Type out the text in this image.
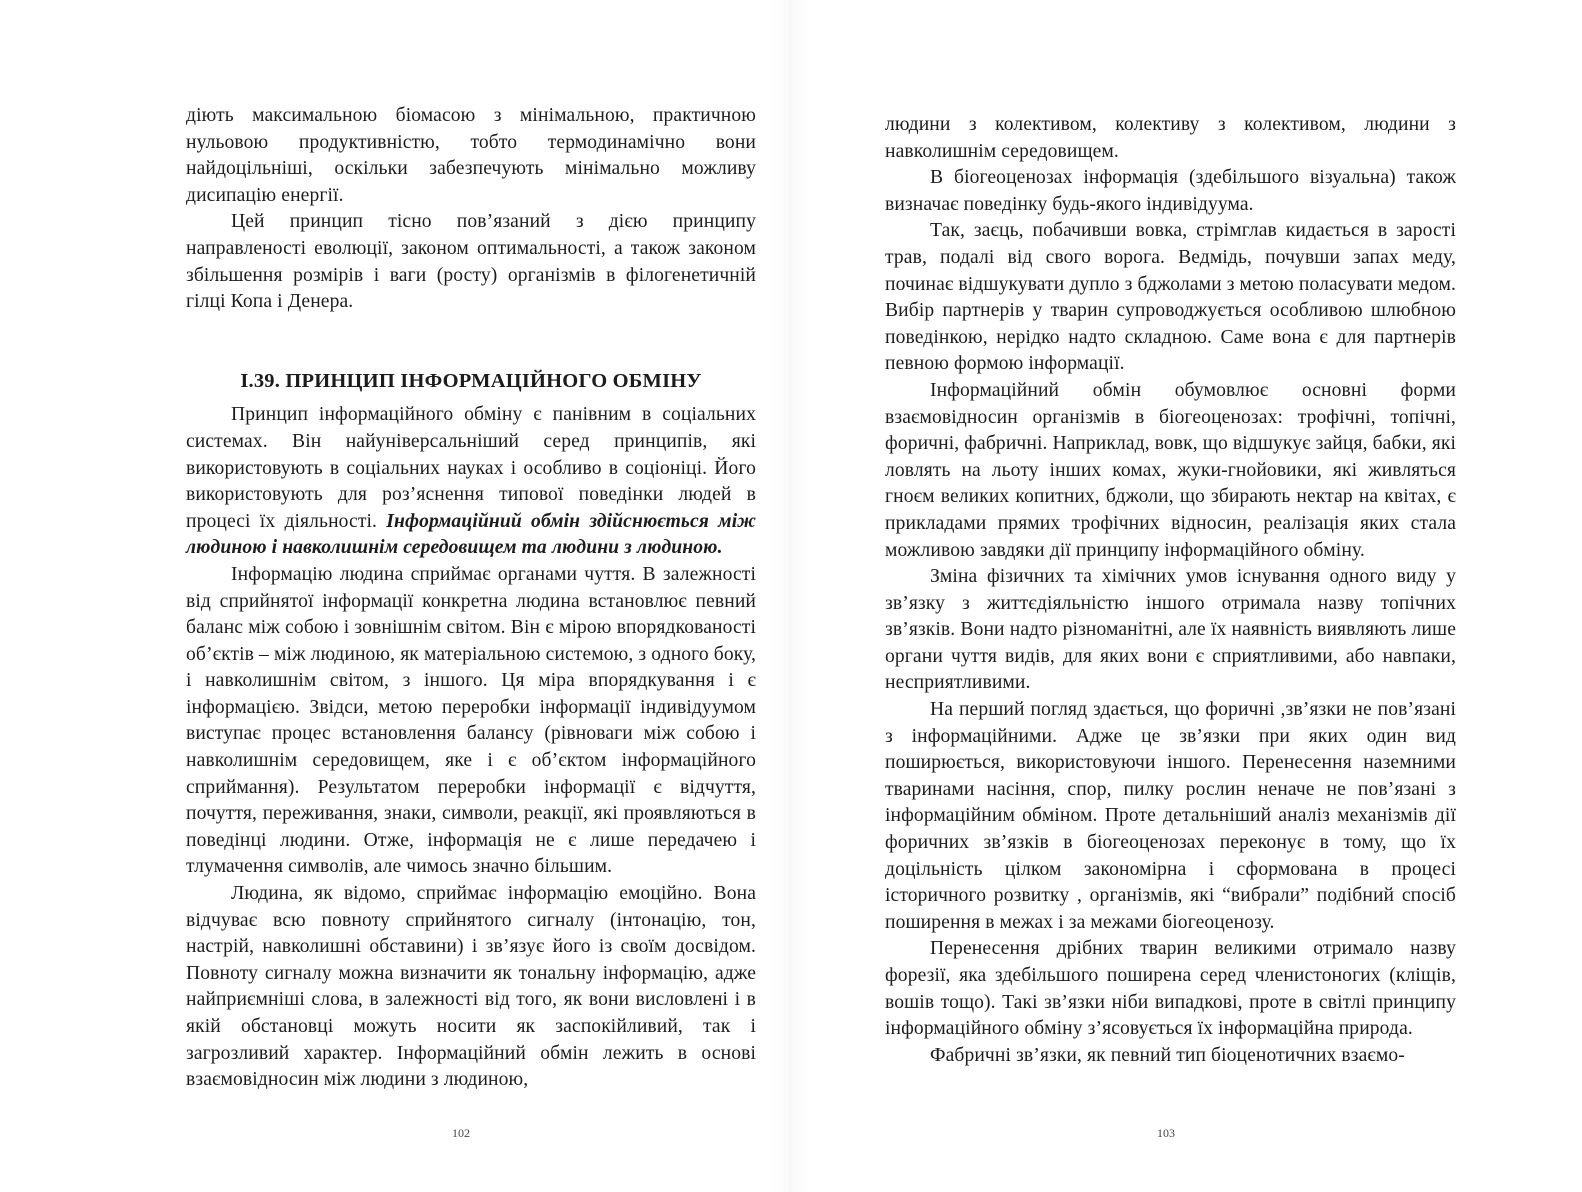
діють максимальною біомасою з мінімальною, практичною нульовою продуктивністю, тобто термодинамічно вони найдоцільніші, оскільки забезпечують мінімально можливу дисипацію енергії.

Цей принцип тісно пов’язаний з дією принципу направленості еволюції, законом оптимальності, а також законом збільшення розмірів і ваги (росту) організмів в філогенетичній гілці Копа і Денера.

І.39. ПРИНЦИП ІНФОРМАЦІЙНОГО ОБМІНУ

Принцип інформаційного обміну є панівним в соціальних системах. Він найуніверсальніший серед принципів, які використовують в соціальних науках і особливо в соціоніці. Його використовують для роз’яснення типової поведінки людей в процесі їх діяльності. Інформаційний обмін здійснюється між людиною і навколишнім середовищем та людини з людиною.

Інформацію людина сприймає органами чуття. В залежності від сприйнятої інформації конкретна людина встановлює певний баланс між собою і зовнішнім світом. Він є мірою впорядкованості об’єктів – між людиною, як матеріальною системою, з одного боку, і навколишнім світом, з іншого. Ця міра впорядкування і є інформацією. Звідси, метою переробки інформації індивідуумом виступає процес встановлення балансу (рівноваги між собою і навколишнім середовищем, яке і є об’єктом інформаційного сприймання). Результатом переробки інформації є відчуття, почуття, переживання, знаки, символи, реакції, які проявляються в поведінці людини. Отже, інформація не є лише передачею і тлумачення символів, але чимось значно більшим.

Людина, як відомо, сприймає інформацію емоційно. Вона відчуває всю повноту сприйнятого сигналу (інтонацію, тон, настрій, навколишні обставини) і зв’язує його із своїм досвідом. Повноту сигналу можна визначити як тональну інформацію, адже найприємніші слова, в залежності від того, як вони висловлені і в якій обстановці можуть носити як заспокійливий, так і загрозливий характер. Інформаційний обмін лежить в основі взаємовідносин між людини з людиною,

102

людини з колективом, колективу з колективом, людини з навколишнім середовищем.

В біогеоценозах інформація (здебільшого візуальна) також визначає поведінку будь-якого індивідуума.

Так, заєць, побачивши вовка, стрімглав кидається в зарості трав, подалі від свого ворога. Ведмідь, почувши запах меду, починає відшукувати дупло з бджолами з метою поласувати медом. Вибір партнерів у тварин супроводжується особливою шлюбною поведінкою, нерідко надто складною. Саме вона є для партнерів певною формою інформації.

Інформаційний обмін обумовлює основні форми взаємовідносин організмів в біогеоценозах: трофічні, топічні, форичні, фабричні. Наприклад, вовк, що відшукує зайця, бабки, які ловлять на льоту інших комах, жуки-гнойовики, які живляться гноєм великих копитних, бджоли, що збирають нектар на квітах, є прикладами прямих трофічних відносин, реалізація яких стала можливою завдяки дії принципу інформаційного обміну.

Зміна фізичних та хімічних умов існування одного виду у зв’язку з життєдіяльністю іншого отримала назву топічних зв’язків. Вони надто різноманітні, але їх наявність виявляють лише органи чуття видів, для яких вони є сприятливими, або навпаки, несприятливими.

На перший погляд здається, що форичні ,зв’язки не пов’язані з інформаційними. Адже це зв’язки при яких один вид поширюється, використовуючи іншого. Перенесення наземними тваринами насіння, спор, пилку рослин неначе не пов’язані з інформаційним обміном. Проте детальніший аналіз механізмів дії форичних зв’язків в біогеоценозах переконує в тому, що їх доцільність цілком закономірна і сформована в процесі історичного розвитку , організмів, які “вибрали” подібний спосіб поширення в межах і за межами біогеоценозу.

Перенесення дрібних тварин великими отримало назву форезії, яка здебільшого поширена серед членистоногих (кліщів, вошів тощо). Такі зв’язки ніби випадкові, проте в світлі принципу інформаційного обміну з’ясовується їх інформаційна природа.

Фабричні зв’язки, як певний тип біоценотичних взаємо-

103
